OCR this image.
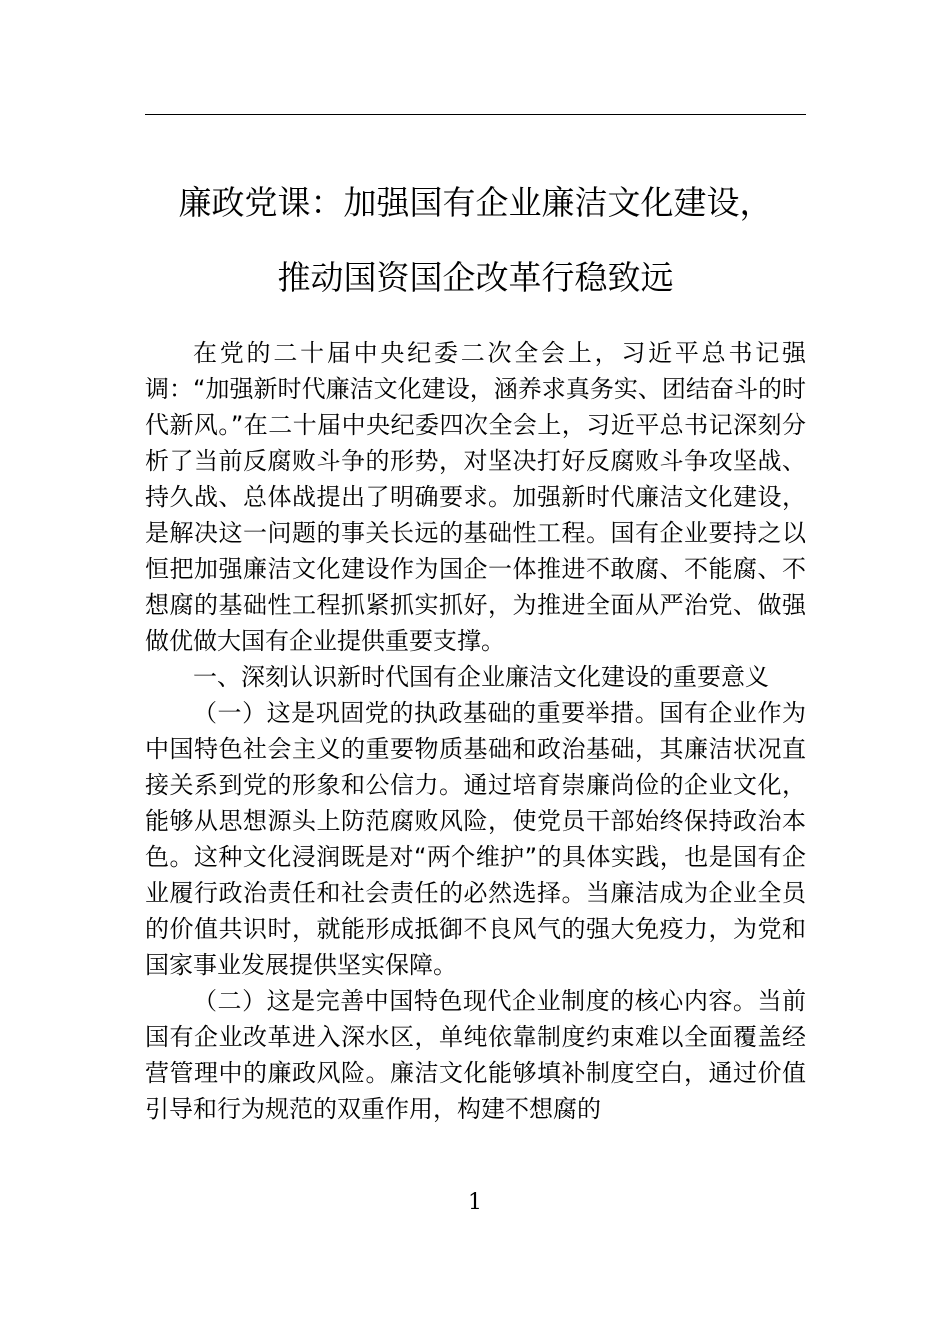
廉政党课：加强国有企业廉洁文化建设，
推动国资国企改革行稳致远

在党的二十届中央纪委二次全会上，习近平总书记强调：“加强新时代廉洁文化建设，涵养求真务实、团结奋斗的时代新风。”在二十届中央纪委四次全会上，习近平总书记深刻分析了当前反腐败斗争的形势，对坚决打好反腐败斗争攻坚战、持久战、总体战提出了明确要求。加强新时代廉洁文化建设，是解决这一问题的事关长远的基础性工程。国有企业要持之以恒把加强廉洁文化建设作为国企一体推进不敢腐、不能腐、不想腐的基础性工程抓紧抓实抓好，为推进全面从严治党、做强做优做大国有企业提供重要支撑。

一、深刻认识新时代国有企业廉洁文化建设的重要意义

（一）这是巩固党的执政基础的重要举措。国有企业作为中国特色社会主义的重要物质基础和政治基础，其廉洁状况直接关系到党的形象和公信力。通过培育崇廉尚俭的企业文化，能够从思想源头上防范腐败风险，使党员干部始终保持政治本色。这种文化浸润既是对“两个维护”的具体实践，也是国有企业履行政治责任和社会责任的必然选择。当廉洁成为企业全员的价值共识时，就能形成抵御不良风气的强大免疫力，为党和国家事业发展提供坚实保障。

（二）这是完善中国特色现代企业制度的核心内容。当前国有企业改革进入深水区，单纯依靠制度约束难以全面覆盖经营管理中的廉政风险。廉洁文化能够填补制度空白，通过价值引导和行为规范的双重作用，构建不想腐的

1
